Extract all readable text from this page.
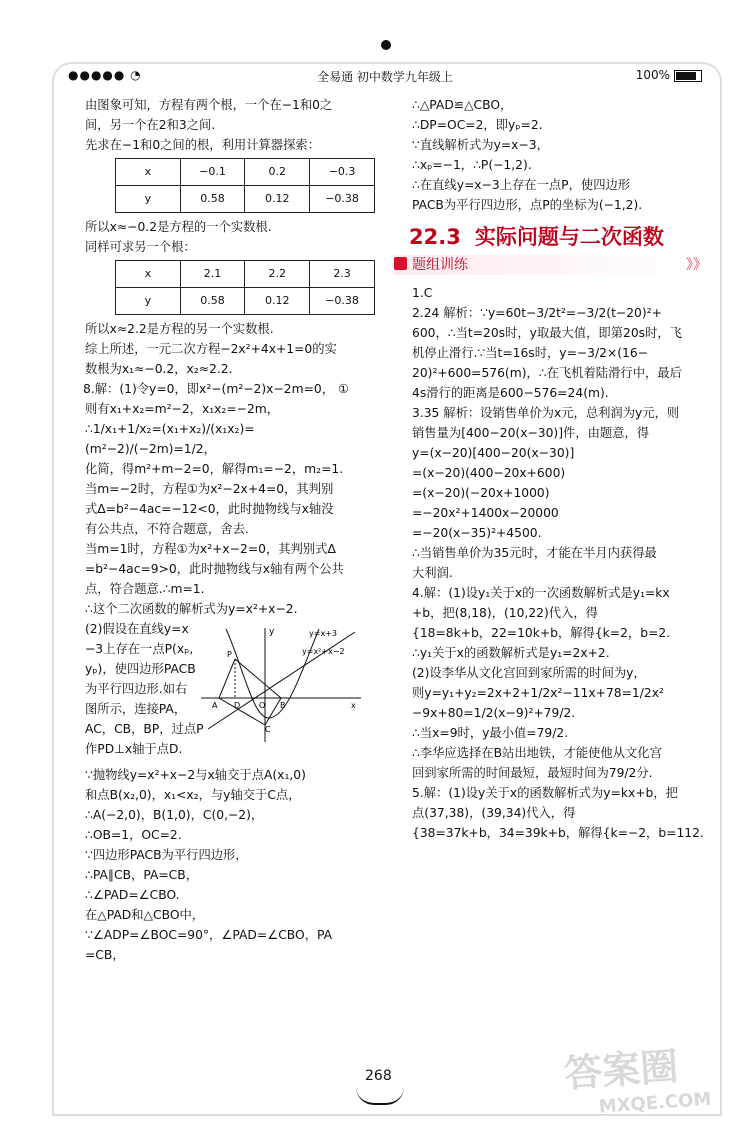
●●●●● ◔	全易通 初中数学九年级上	100%

由图象可知，方程有两个根，一个在−1和0之

间，另一个在2和3之间.

先求在−1和0之间的根，利用计算器探索：

x	−0.1	0.2	−0.3
y	0.58	0.12	−0.38

所以x≈−0.2是方程的一个实数根.

同样可求另一个根：

x	2.1	2.2	2.3
y	0.58	0.12	−0.38

所以x≈2.2是方程的另一个实数根.

综上所述，一元二次方程−2x²+4x+1=0的实

数根为x₁≈−0.2，x₂≈2.2.

8.解：(1)令y=0，即x²−(m²−2)x−2m=0， ①

则有x₁+x₂=m²−2，x₁x₂=−2m，

∴1/x₁+1/x₂=(x₁+x₂)/(x₁x₂)=(m²−2)/(−2m)=1/2，

化简，得m²+m−2=0，解得m₁=−2，m₂=1.

当m=−2时，方程①为x²−2x+4=0，其判别

式Δ=b²−4ac=−12<0，此时抛物线与x轴没

有公共点，不符合题意，舍去.

当m=1时，方程①为x²+x−2=0，其判别式Δ

=b²−4ac=9>0，此时抛物线与x轴有两个公共

点，符合题意.∴m=1.

∴这个二次函数的解析式为y=x²+x−2.

(2)假设在直线y=x

−3上存在一点P(xₚ,

yₚ)，使四边形PACB

为平行四边形.如右

图所示，连接PA，

AC，CB，BP，过点P

作PD⊥x轴于点D.

y	y=x+3
y=x²+x−2
P
A D O B
C
x

∵抛物线y=x²+x−2与x轴交于点A(x₁,0)

和点B(x₂,0)，x₁<x₂，与y轴交于C点，

∴A(−2,0)，B(1,0)，C(0,−2)，

∴OB=1，OC=2.

∵四边形PACB为平行四边形，

∴PA∥CB，PA=CB，

∴∠PAD=∠CBO.

在△PAD和△CBO中，

∵∠ADP=∠BOC=90°，∠PAD=∠CBO，PA

=CB，

∴△PAD≌△CBO，

∴DP=OC=2，即yₚ=2.

∵直线解析式为y=x−3，

∴xₚ=−1，∴P(−1,2).

∴在直线y=x−3上存在一点P，使四边形

PACB为平行四边形，点P的坐标为(−1,2).

22.3 实际问题与二次函数
题组训练	》》

1.C

2.24 解析：∵y=60t−3/2t²=−3/2(t−20)²+

600，∴当t=20s时，y取最大值，即第20s时，飞

机停止滑行.∵当t=16s时，y=−3/2×(16−

20)²+600=576(m)，∴在飞机着陆滑行中，最后

4s滑行的距离是600−576=24(m).

3.35 解析：设销售单价为x元，总利润为y元，则

销售量为[400−20(x−30)]件，由题意，得

y=(x−20)[400−20(x−30)]

=(x−20)(400−20x+600)

=(x−20)(−20x+1000)

=−20x²+1400x−20000

=−20(x−35)²+4500.

∴当销售单价为35元时，才能在半月内获得最

大利润.

4.解：(1)设y₁关于x的一次函数解析式是y₁=kx

+b，把(8,18)，(10,22)代入，得

{18=8k+b，22=10k+b，解得{k=2，b=2.

∴y₁关于x的函数解析式是y₁=2x+2.

(2)设李华从文化宫回到家所需的时间为y，

则y=y₁+y₂=2x+2+1/2x²−11x+78=1/2x²

−9x+80=1/2(x−9)²+79/2.

∴当x=9时，y最小值=79/2.

∴李华应选择在B站出地铁，才能使他从文化宫

回到家所需的时间最短，最短时间为79/2分.

5.解：(1)设y关于x的函数解析式为y=kx+b，把

点(37,38)，(39,34)代入，得

{38=37k+b，34=39k+b，解得{k=−2，b=112.

268	答案圈
MXQE.COM
